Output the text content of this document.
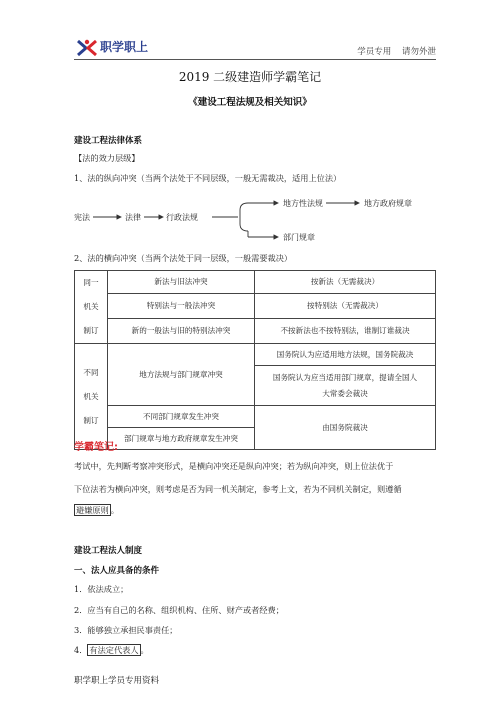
职学职上	学员专用 请勿外泄
2019 二级建造师学霸笔记
《建设工程法规及相关知识》
建设工程法律体系
【法的效力层级】
1、法的纵向冲突（当两个法处于不同层级，一般无需裁决，适用上位法）
宪法	法律	行政法规
地方性法规	地方政府规章
部门规章
2、法的横向冲突（当两个法处于同一层级，一般需要裁决）
同一
机关
制订	新法与旧法冲突	按新法（无需裁决）
	特别法与一般法冲突	按特别法（无需裁决）
	新的一般法与旧的特别法冲突	不按新法也不按特别法，谁制订谁裁决

不同
机关
制订	地方法规与部门规章冲突	国务院认为应适用地方法规，国务院裁决

		国务院认为应当适用部门规章，提请全国人
大常委会裁决

	不同部门规章发生冲突	由国务院裁决
	部门规章与地方政府规章发生冲突	
学霸笔记:
考试中，先判断考察冲突形式，是横向冲突还是纵向冲突；若为纵向冲突，则上位法优于
下位法若为横向冲突，则考虑是否为同一机关制定，参考上文，若为不同机关制定，则遵循
避嫌原则 。
建设工程法人制度
一、法人应具备的条件
1．依法成立；
2．应当有自己的名称、组织机构、住所、财产或者经费；
3．能够独立承担民事责任；
4． 有法定代表人 。
职学职上学员专用资料
